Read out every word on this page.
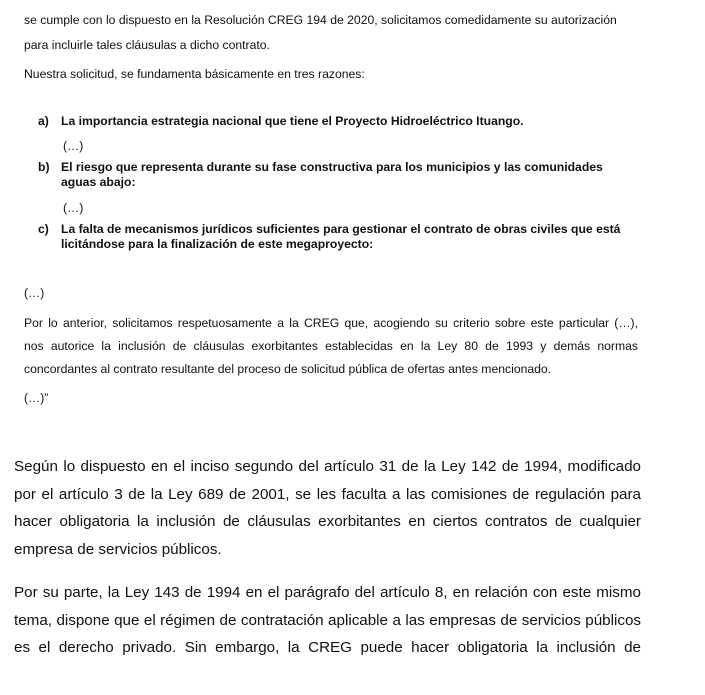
se cumple con lo dispuesto en la Resolución CREG 194 de 2020, solicitamos comedidamente su autorización
para incluirle tales cláusulas a dicho contrato.
Nuestra solicitud, se fundamenta básicamente en tres razones:
a) La importancia estrategia nacional que tiene el Proyecto Hidroeléctrico Ituango.
(…)
b) El riesgo que representa durante su fase constructiva para los municipios y las comunidades aguas abajo:
(…)
c) La falta de mecanismos jurídicos suficientes para gestionar el contrato de obras civiles que está licitándose para la finalización de este megaproyecto:
(…)
Por lo anterior, solicitamos respetuosamente a la CREG que, acogiendo su criterio sobre este particular (…),
nos autorice la inclusión de cláusulas exorbitantes establecidas en la Ley 80 de 1993 y demás normas
concordantes al contrato resultante del proceso de solicitud pública de ofertas antes mencionado.
(…)”
Según lo dispuesto en el inciso segundo del artículo 31 de la Ley 142 de 1994, modificado
por el artículo 3 de la Ley 689 de 2001, se les faculta a las comisiones de regulación para
hacer obligatoria la inclusión de cláusulas exorbitantes en ciertos contratos de cualquier
empresa de servicios públicos.
Por su parte, la Ley 143 de 1994 en el parágrafo del artículo 8, en relación con este mismo
tema, dispone que el régimen de contratación aplicable a las empresas de servicios públicos
es el derecho privado. Sin embargo, la CREG puede hacer obligatoria la inclusión de
